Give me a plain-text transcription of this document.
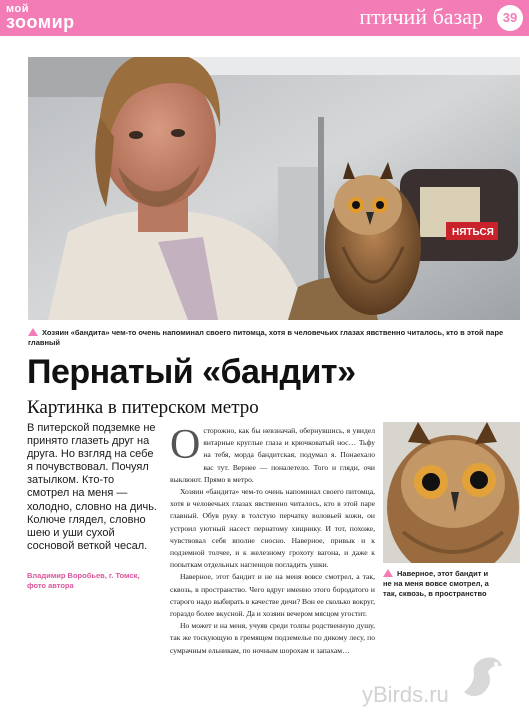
мой
зоомир	птичий базар	39
НЯТЬСЯ
Хозяин «бандита» чем-то очень напоминал своего питомца, хотя в человечьих глазах явственно читалось, кто в этой паре главный
Пернатый «бандит»
Картинка в питерском метро
В питерской подземке не принято глазеть друг на друга. Но взгляд на себе я почувствовал. Почуял затылком. Кто-то смотрел на меня — холодно, словно на дичь. Колюче глядел, словно шею и уши сухой сосновой веткой чесал.
Владимир Воробьев, г. Томск, фото автора

Осторожно, как бы невзначай, обернувшись, я увидел янтарные круглые глаза и крючковатый нос… Тьфу на тебя, морда бандитская, подумал я. Понаехало вас тут. Вернее — поналетело. Того и гляди, очи выклюют. Прямо в метро.

Хозяин «бандита» чем-то очень напоминал своего питомца, хотя в человечьих глазах явственно читалось, кто в этой паре главный. Обув руку в толстую перчатку воловьей кожи, он устроил уютный насест пернатому хищнику. И тот, похоже, чувствовал себя вполне сносно. Наверное, привык и к подземной толчее, и к железному грохоту вагона, и даже к попыткам отдельных нагленцов погладить ушки.

Наверное, этот бандит и не на меня вовсе смотрел, а так, сквозь, в пространство. Чего вдруг именно этого бородатого и старого надо выбирать в качестве дичи? Вон ее сколько вокруг, гораздо более вкусной. Да и хозяин вечером мясцом угостит.

Но может и на меня, учуяв среди толпы родственную душу, так же тоскующую в гремящем подземелье по дикому лесу, по сумрачным ельникам, по ночным шорохам и запахам…

Наверное, этот бандит и не на меня вовсе смотрел, а так, сквозь, в пространство
yBirds.ru
